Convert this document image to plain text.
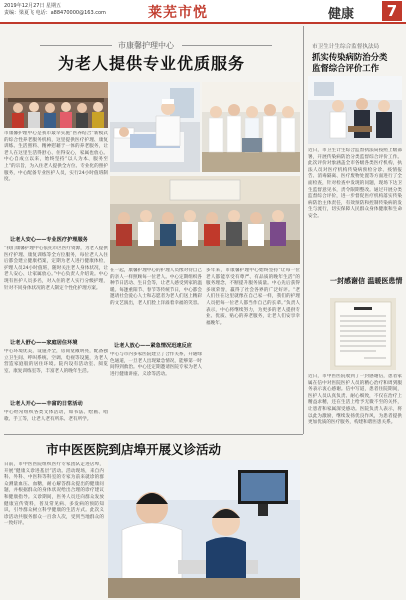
2019年12月27日 星期五
责编：梁夏飞 电话：a88470000@163.com	莱芜市悦	健康	7
市康馨护理中心
为老人提供专业优质服务
市康馨护理中心是我市最早实施“医养结合”新模式的综合性养老服务机构，这里提供医疗护理、康复训练、生活照料、精神慰藉于一体的养老服务，让老人在这里生活得舒心、住得安心，家属也放心。中心自成立以来，始终坚持“以人为本、服务至上”的宗旨，为入住老人提供全方位、专业化的照护服务，中心配备专业医护人员，实行24小时值班制度。
让老人安心——专业医疗护理服务
“我们康馨护理中心依托市区医疗资源，为老人提供医疗护理、康复训练等全方位服务，每位老人入住后都会建立健康档案，定期为老人进行健康体检，护理人员24小时值班，随时关注老人身体状况，让老人安心、让家属放心。”中心负责人介绍说。中心现有医护人员多名，对入住的老人实行分级护理，针对不同身体状况的老人制定个性化护理方案。
让老人舒心——家庭居住环境
中心环境优美，设施齐全，房间宽敞明亮，配备独立卫生间、呼叫系统、空调、电视等设施，为老人营造家庭般的居住环境。院内设有活动室、阅览室、康复训练室等，丰富老人的晚年生活。
让老人开心——丰富的日常活动
中心经常组织各类文体活动，如书法、绘画、唱歌、手工等，让老人老有所乐、老有所学。
在一起，康馨护理中心的护理人员像对待自己的亲人一样照顾每一位老人。中心定期组织各种节日活动、生日会等，让老人感受到家的温暖。每逢重阳节、春节等传统节日，中心都会邀请社会爱心人士和志愿者为老人们送上精彩的文艺演出，老人们脸上洋溢着幸福的笑容。
让老人放心——紧急情况迅速反应
中心与市内多家医院建立了合作关系，开通绿色通道，一旦老人出现紧急情况，能够第一时间得到救治。中心还定期邀请医院专家为老人进行健康讲座、义诊等活动。
多年来，市康馨护理中心始终坚持“让每一位老人都能享受有尊严、有品质的晚年生活”的服务理念，不断提升服务质量。中心先后获得多项荣誉，赢得了社会各界的广泛好评。“老人们住在这里就像在自己家一样，我们的护理人员把每一位老人都当作自己的长辈。”负责人表示，中心将继续努力，为更多的老人提供专业、优质、贴心的养老服务，让老人们安享幸福晚年。
市卫生计生综合监督执法局
抓实传染病防治分类
监督综合评价工作
近日，市卫生计生综合监督执法局按照上级部署，开展传染病防治分类监督综合评价工作。此次评价对象涵盖全市各级各类医疗机构，执法人员对医疗机构传染病预检分诊、疫情报告、消毒隔离、医疗废物处置等方面进行了全面检查，针对检查中发现的问题，现场下达卫生监督意见书，责令限期整改。通过开展分类监督综合评价，进一步督促医疗机构落实传染病防治主体责任，有效预防和控制传染病的发生与流行，切实保障人民群众身体健康和生命安全。
一封感谢信 温暖医患情
近日，市中医医院收到了一封感谢信，患者家属在信中对医院医护人员的精心治疗和周到服务表示衷心感谢。信中写道，患者住院期间，医护人员认真负责、耐心细致，不仅在治疗上精益求精，还在生活上给予无微不至的关怀，让患者和家属深受感动。医院负责人表示，将以此为激励，继续发扬优良作风，为患者提供更加优质的医疗服务，构建和谐医患关系。
市中医医院到店埠开展义诊活动
日前，市中医医院组织医疗专家团队走进店埠，开展“健康义诊进基层”活动。活动现场，来自内科、外科、中医科等科室的专家为前来就诊的群众测量血压、血糖，耐心解答群众提出的健康问题，并根据群众的身体状况给出合理的诊疗建议和健康指导。义诊期间，医务人员还向群众发放健康宣传资料，普及常见病、多发病的预防知识，引导群众树立科学健康的生活方式。此次义诊活动共服务群众一百余人次，受到当地群众的一致好评。
